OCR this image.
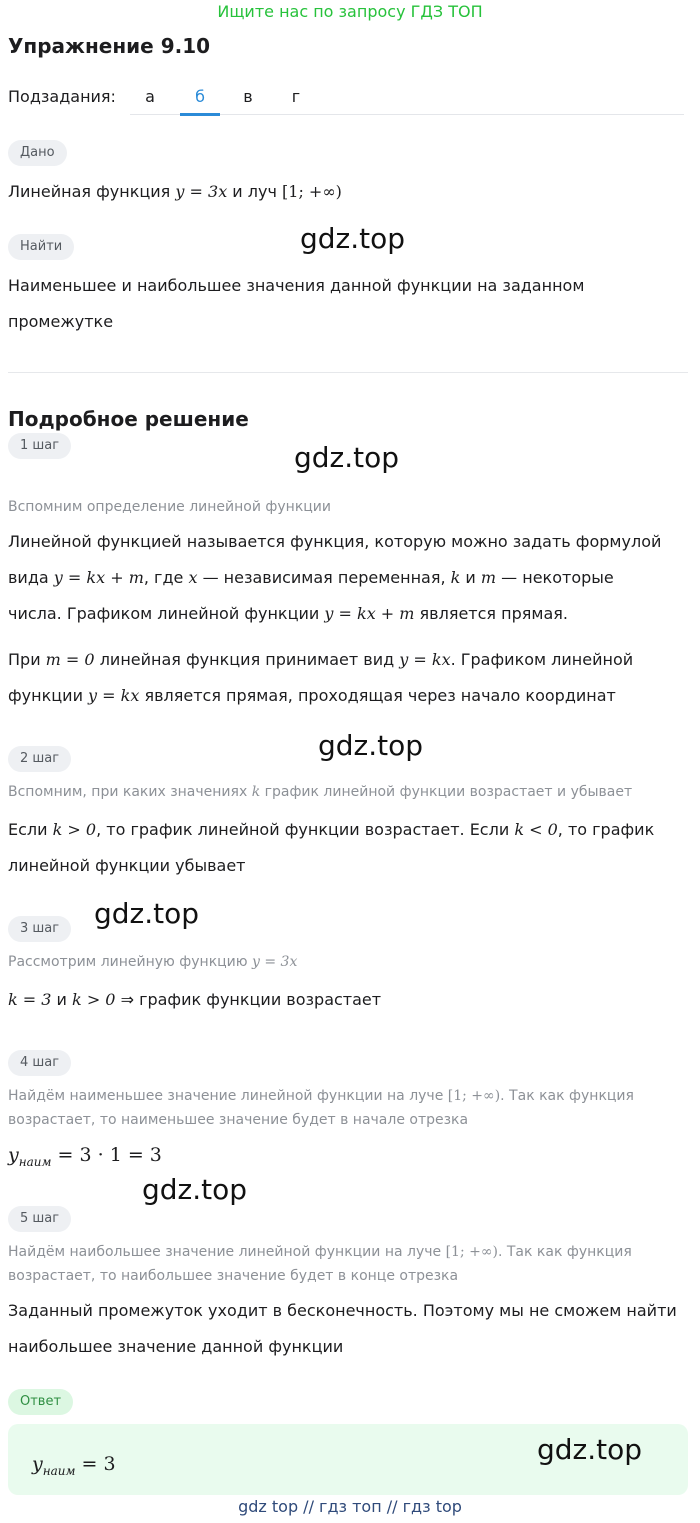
Ищите нас по запросу ГДЗ ТОП
Упражнение 9.10
Подзадания:	а	б	в	г
Дано
Линейная функция y = 3x и луч [1; +∞)
Найти	gdz.top
Наименьшее и наибольшее значения данной функции на заданном
промежутке
Подробное решение
1 шаг	gdz.top
Вспомним определение линейной функции
Линейной функцией называется функция, которую можно задать формулой
вида y = kx + m, где x — независимая переменная, k и m — некоторые
числа. Графиком линейной функции y = kx + m является прямая.
При m = 0 линейная функция принимает вид y = kx. Графиком линейной
функции y = kx является прямая, проходящая через начало координат
2 шаг	gdz.top
Вспомним, при каких значениях k график линейной функции возрастает и убывает
Если k > 0, то график линейной функции возрастает. Если k < 0, то график
линейной функции убывает
3 шаг	gdz.top
Рассмотрим линейную функцию y = 3x
k = 3 и k > 0 ⇒ график функции возрастает
4 шаг
Найдём наименьшее значение линейной функции на луче [1; +∞). Так как функция
возрастает, то наименьшее значение будет в начале отрезка
$y_{наим} = 3 \cdot 1 = 3$
gdz.top
5 шаг
Найдём наибольшее значение линейной функции на луче [1; +∞). Так как функция
возрастает, то наибольшее значение будет в конце отрезка
Заданный промежуток уходит в бесконечность. Поэтому мы не сможем найти
наибольшее значение данной функции
Ответ
$y_{наим} = 3$	gdz.top
gdz top // гдз топ // гдз top
